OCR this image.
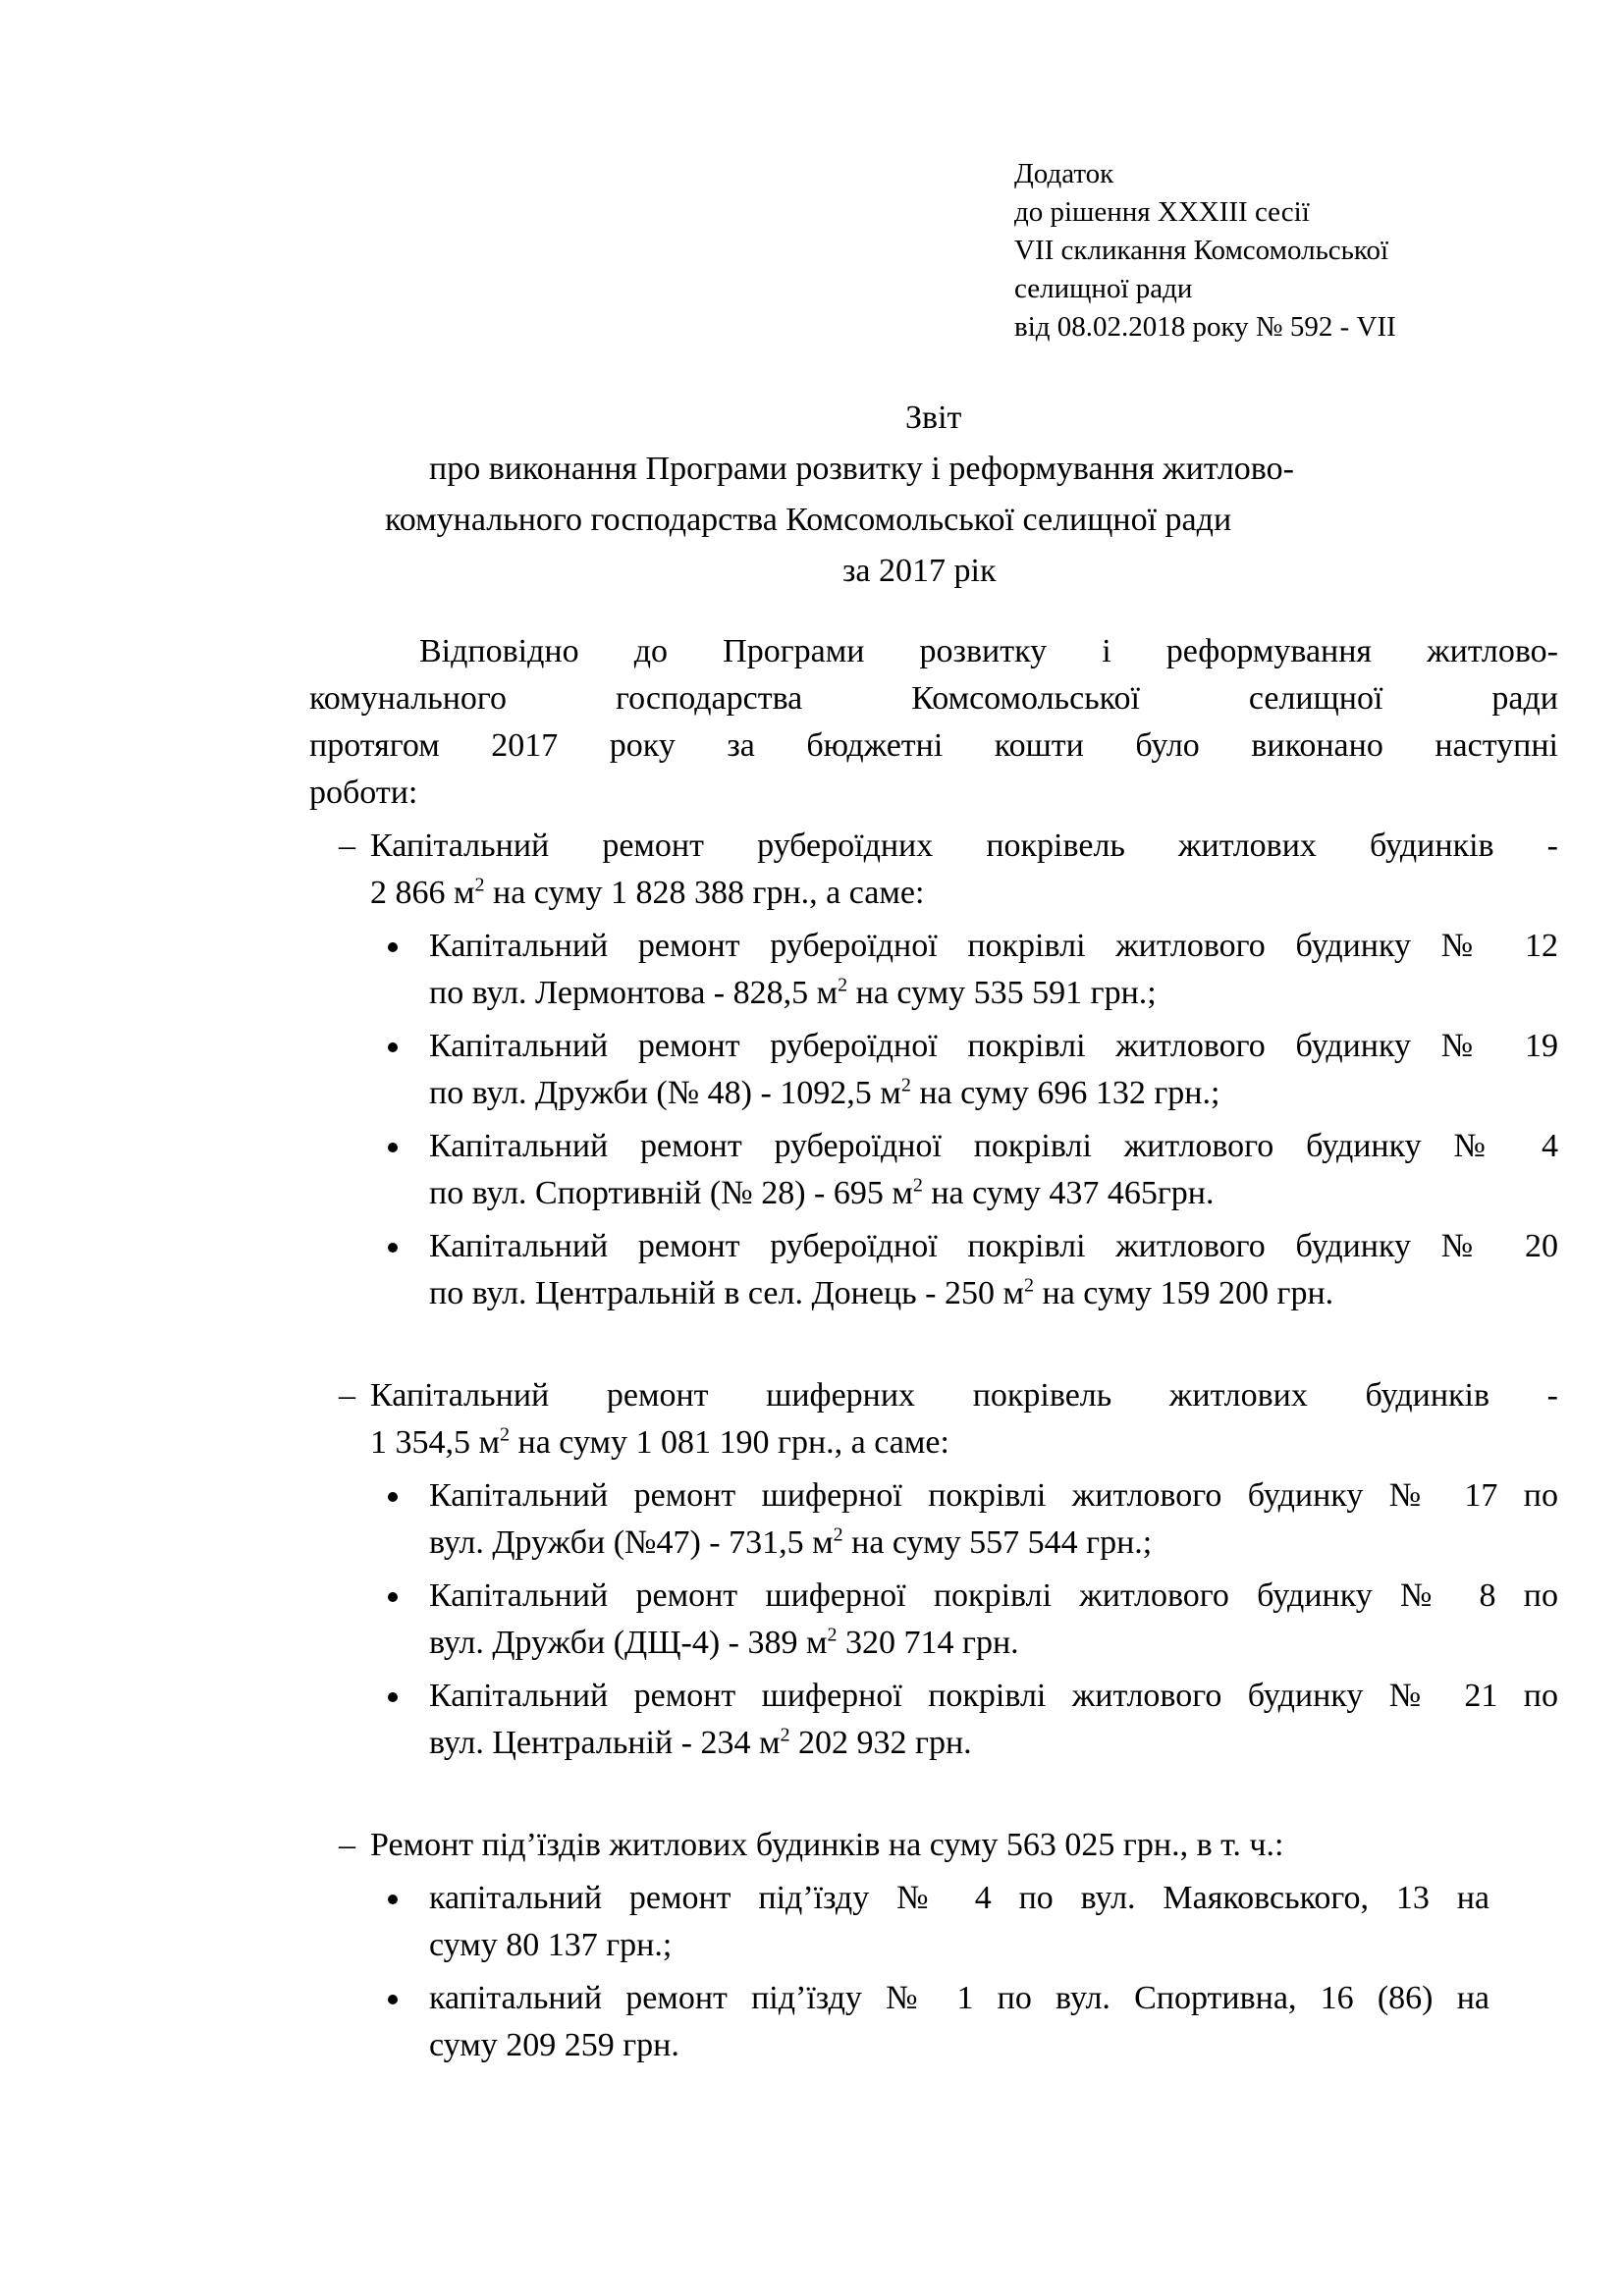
Додаток
до рішення XXXIII сесії
VII скликання Комсомольської
селищної ради
від 08.02.2018 року № 592 - VII
Звіт
про виконання Програми розвитку і реформування житлово-
комунального господарства Комсомольської селищної ради
за 2017 рік

Відповідно до Програми розвитку і реформування житлово-

комунального господарства Комсомольської селищної ради

протягом 2017 року за бюджетні кошти було виконано наступні

роботи:

– Капітальний ремонт руберoїдних покрівель житлових будинків -

2 866 $м^2$ на суму 1 828 388 грн., а саме:

Капітальний ремонт руберoїдної покрівлі житлового будинку № 12

по вул. Лермонтова - 828,5 $м^2$ на суму 535 591 грн.;

Капітальний ремонт руберoїдної покрівлі житлового будинку № 19

по вул. Дружби (№ 48) - 1092,5 $м^2$ на суму 696 132 грн.;

Капітальний ремонт руберoїдної покрівлі житлового будинку № 4

по вул. Спортивній (№ 28) - 695 $м^2$ на суму 437 465грн.

Капітальний ремонт руберoїдної покрівлі житлового будинку № 20

по вул. Центральній в сел. Донець - 250 $м^2$ на суму 159 200 грн.

– Капітальний ремонт шиферних покрівель житлових будинків -

1 354,5 $м^2$ на суму 1 081 190 грн., а саме:

Капітальний ремонт шиферної покрівлі житлового будинку № 17 по

вул. Дружби (№47) - 731,5 $м^2$ на суму 557 544 грн.;

Капітальний ремонт шиферної покрівлі житлового будинку № 8 по

вул. Дружби (ДЩ-4) - 389 $м^2$ 320 714 грн.

Капітальний ремонт шиферної покрівлі житлового будинку № 21 по

вул. Центральній - 234 $м^2$ 202 932 грн.

– Ремонт під’їздів житлових будинків на суму 563 025 грн., в т. ч.:

капітальний ремонт під’їзду № 4 по вул. Маяковського, 13 на

суму 80 137 грн.;

капітальний ремонт під’їзду № 1 по вул. Спортивна, 16 (86) на

суму 209 259 грн.
